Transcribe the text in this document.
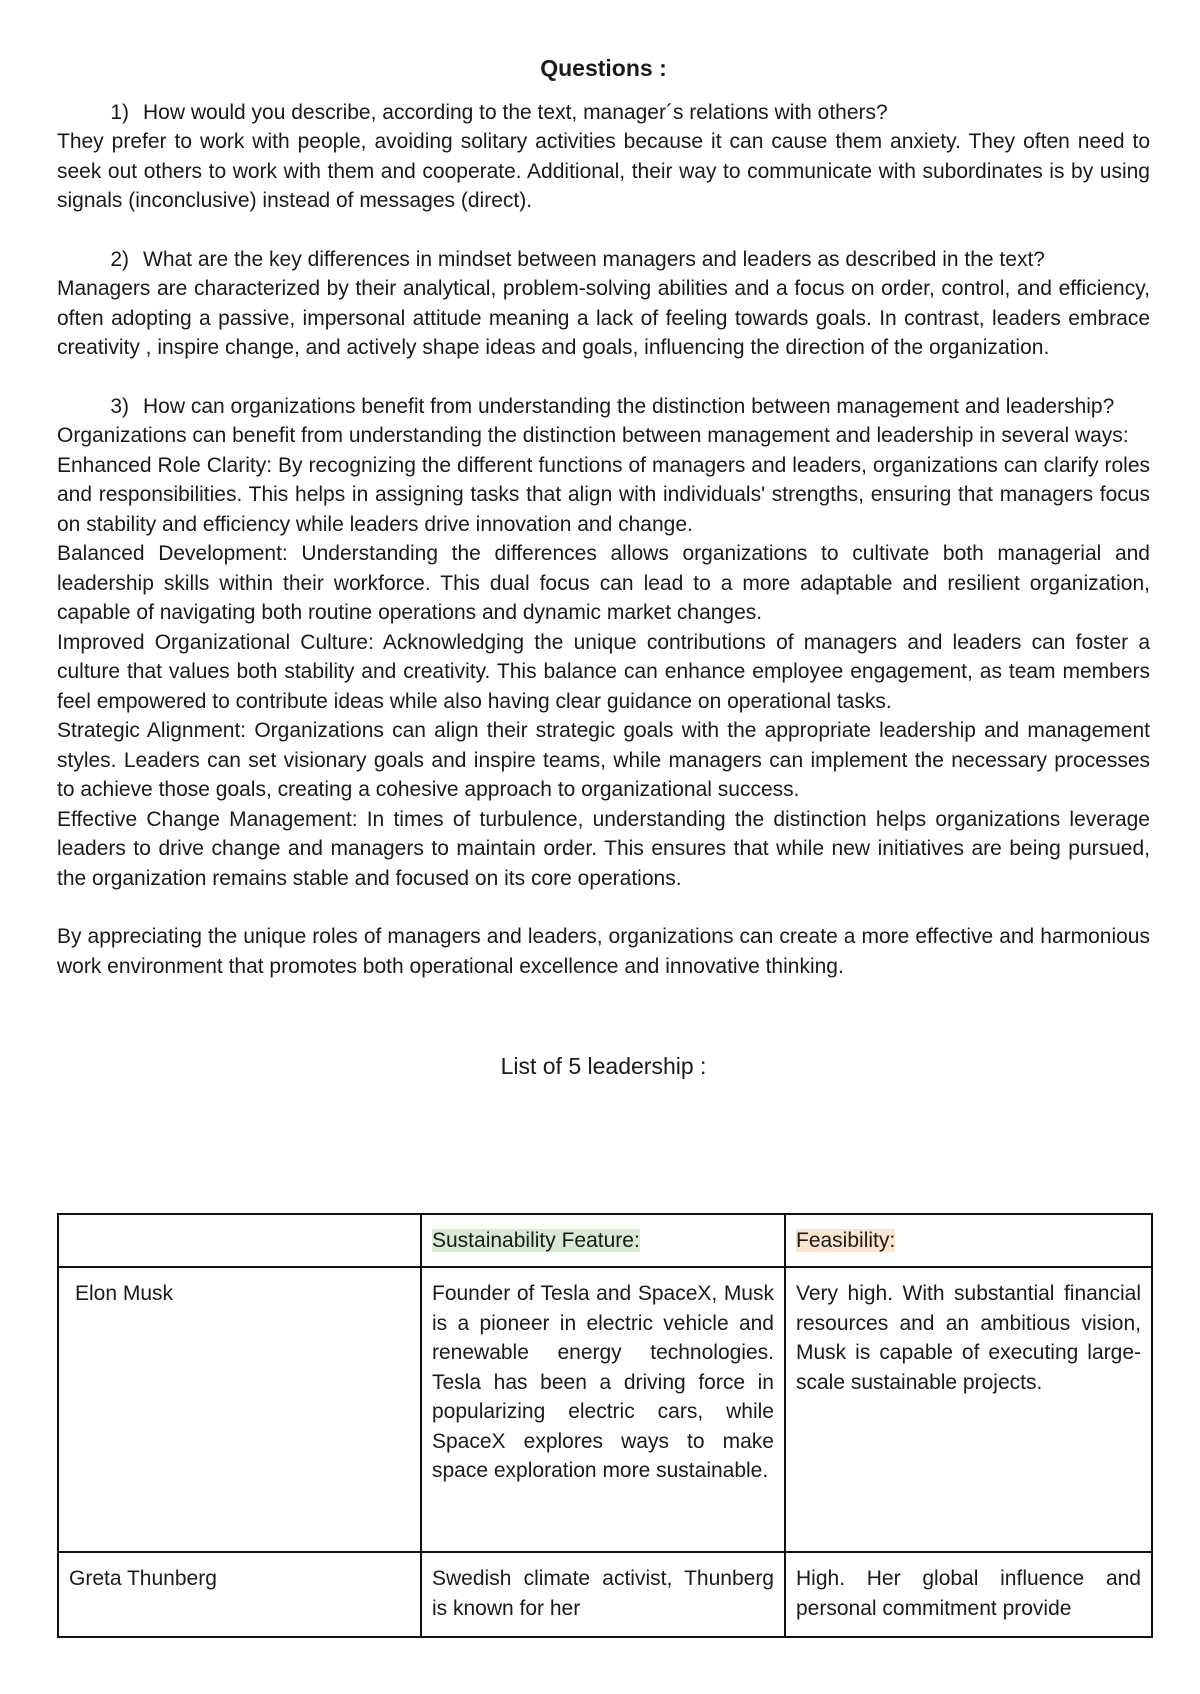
Questions :
1) How would you describe, according to the text, manager´s relations with others?

They prefer to work with people, avoiding solitary activities because it can cause them anxiety. They often need to seek out others to work with them and cooperate. Additional, their way to communicate with subordinates is by using signals (inconclusive) instead of messages (direct).

2) What are the key differences in mindset between managers and leaders as described in the text?

Managers are characterized by their analytical, problem-solving abilities and a focus on order, control, and efficiency, often adopting a passive, impersonal attitude meaning a lack of feeling towards goals. In contrast, leaders embrace creativity , inspire change, and actively shape ideas and goals, influencing the direction of the organization.

3) How can organizations benefit from understanding the distinction between management and leadership?

Organizations can benefit from understanding the distinction between management and leadership in several ways:

Enhanced Role Clarity: By recognizing the different functions of managers and leaders, organizations can clarify roles and responsibilities. This helps in assigning tasks that align with individuals' strengths, ensuring that managers focus on stability and efficiency while leaders drive innovation and change.

Balanced Development: Understanding the differences allows organizations to cultivate both managerial and leadership skills within their workforce. This dual focus can lead to a more adaptable and resilient organization, capable of navigating both routine operations and dynamic market changes.

Improved Organizational Culture: Acknowledging the unique contributions of managers and leaders can foster a culture that values both stability and creativity. This balance can enhance employee engagement, as team members feel empowered to contribute ideas while also having clear guidance on operational tasks.

Strategic Alignment: Organizations can align their strategic goals with the appropriate leadership and management styles. Leaders can set visionary goals and inspire teams, while managers can implement the necessary processes to achieve those goals, creating a cohesive approach to organizational success.

Effective Change Management: In times of turbulence, understanding the distinction helps organizations leverage leaders to drive change and managers to maintain order. This ensures that while new initiatives are being pursued, the organization remains stable and focused on its core operations.

By appreciating the unique roles of managers and leaders, organizations can create a more effective and harmonious work environment that promotes both operational excellence and innovative thinking.

List of 5 leadership :
	Sustainability Feature:	Feasibility:
Elon Musk	Founder of Tesla and SpaceX, Musk is a pioneer in electric vehicle and renewable energy technologies. Tesla has been a driving force in popularizing electric cars, while SpaceX explores ways to make space exploration more sustainable.	Very high. With substantial financial resources and an ambitious vision, Musk is capable of executing large-scale sustainable projects.
Greta Thunberg	Swedish climate activist, Thunberg is known for her	High. Her global influence and personal commitment provide
